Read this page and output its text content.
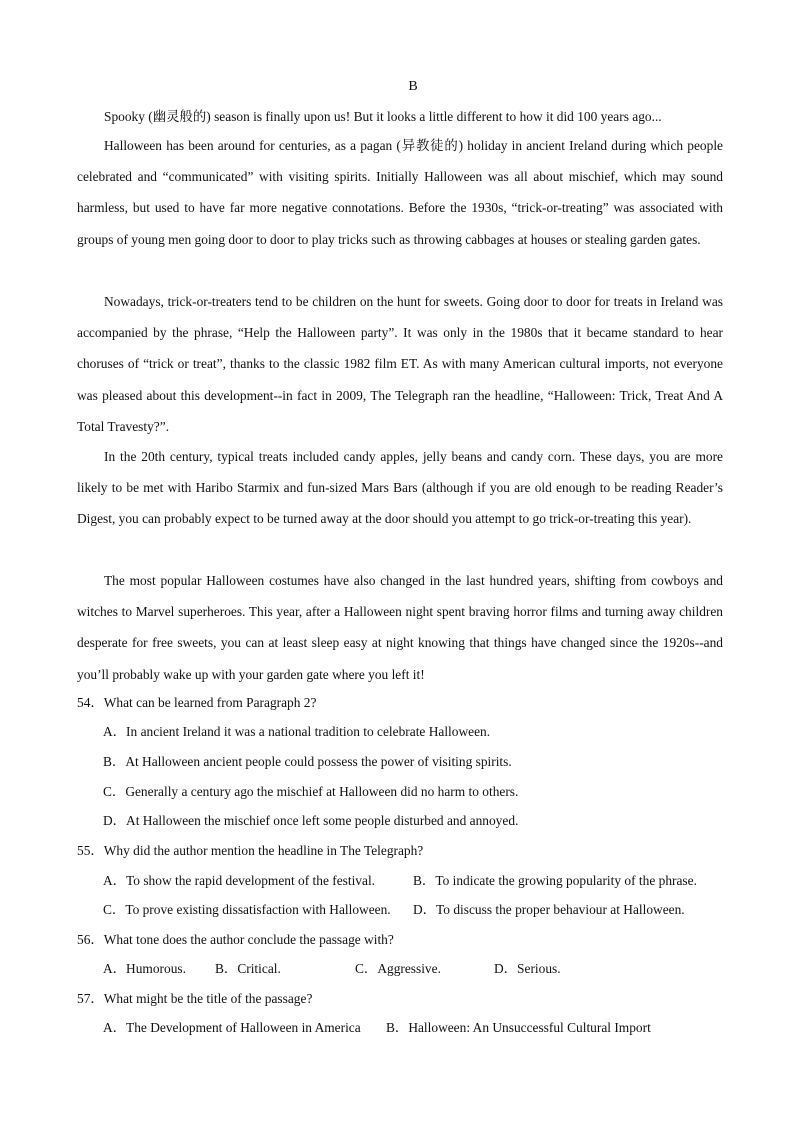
B
Spooky (幽灵般的) season is finally upon us! But it looks a little different to how it did 100 years ago...
Halloween has been around for centuries, as a pagan (异教徒的) holiday in ancient Ireland during which people celebrated and “communicated” with visiting spirits. Initially Halloween was all about mischief, which may sound harmless, but used to have far more negative connotations. Before the 1930s, “trick-or-treating” was associated with groups of young men going door to door to play tricks such as throwing cabbages at houses or stealing garden gates.
Nowadays, trick-or-treaters tend to be children on the hunt for sweets. Going door to door for treats in Ireland was accompanied by the phrase, “Help the Halloween party”. It was only in the 1980s that it became standard to hear choruses of “trick or treat”, thanks to the classic 1982 film ET. As with many American cultural imports, not everyone was pleased about this development--in fact in 2009, The Telegraph ran the headline, “Halloween: Trick, Treat And A Total Travesty?”.
In the 20th century, typical treats included candy apples, jelly beans and candy corn. These days, you are more likely to be met with Haribo Starmix and fun-sized Mars Bars (although if you are old enough to be reading Reader’s Digest, you can probably expect to be turned away at the door should you attempt to go trick-or-treating this year).
The most popular Halloween costumes have also changed in the last hundred years, shifting from cowboys and witches to Marvel superheroes. This year, after a Halloween night spent braving horror films and turning away children desperate for free sweets, you can at least sleep easy at night knowing that things have changed since the 1920s--and you’ll probably wake up with your garden gate where you left it!
54．What can be learned from Paragraph 2?
A．In ancient Ireland it was a national tradition to celebrate Halloween.
B．At Halloween ancient people could possess the power of visiting spirits.
C．Generally a century ago the mischief at Halloween did no harm to others.
D．At Halloween the mischief once left some people disturbed and annoyed.
55．Why did the author mention the headline in The Telegraph?
A．To show the rapid development of the festival.	B．To indicate the growing popularity of the phrase.
C．To prove existing dissatisfaction with Halloween. D．To discuss the proper behaviour at Halloween.
56．What tone does the author conclude the passage with?
A．Humorous. B．Critical.	C．Aggressive.	D．Serious.
57．What might be the title of the passage?
A．The Development of Halloween in America B．Halloween: An Unsuccessful Cultural Import
